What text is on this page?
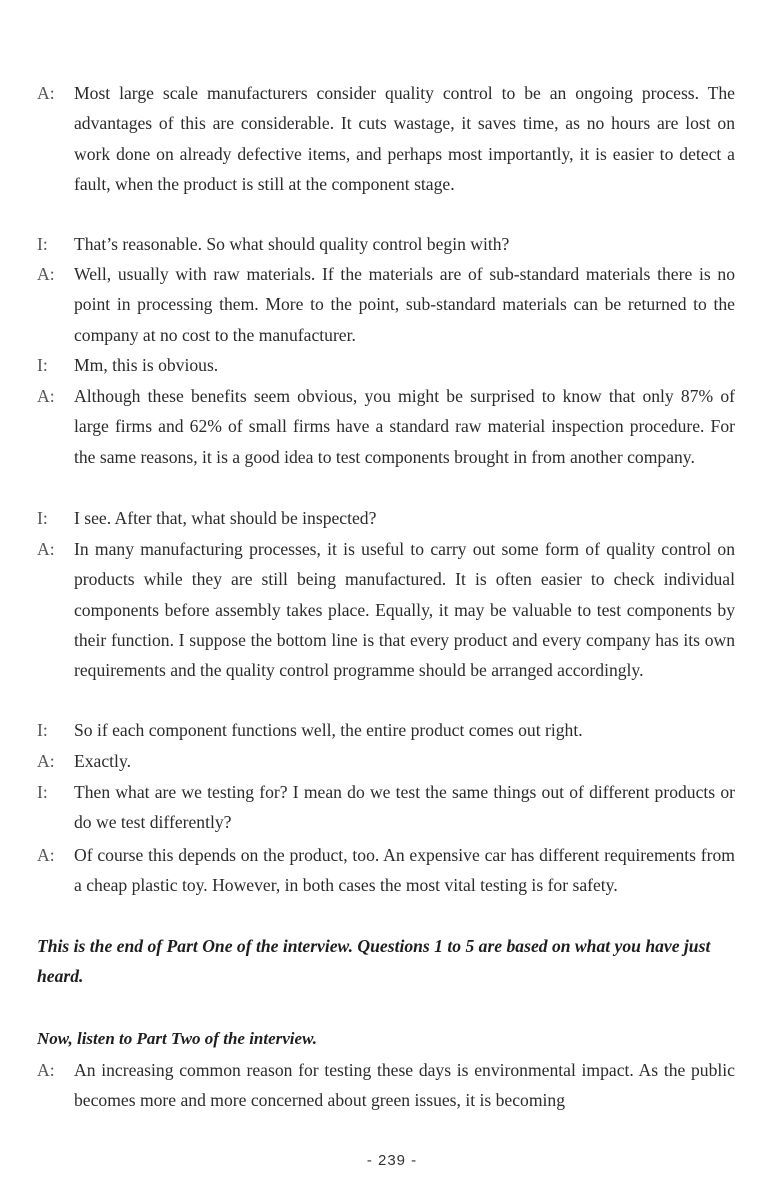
A:	Most large scale manufacturers consider quality control to be an ongoing process. The advantages of this are considerable. It cuts wastage, it saves time, as no hours are lost on work done on already defective items, and perhaps most importantly, it is easier to detect a fault, when the product is still at the component stage.
I:	That’s reasonable. So what should quality control begin with?
A:	Well, usually with raw materials. If the materials are of sub-standard materials there is no point in processing them. More to the point, sub-standard materials can be returned to the company at no cost to the manufacturer.
I:	Mm, this is obvious.
A:	Although these benefits seem obvious, you might be surprised to know that only 87% of large firms and 62% of small firms have a standard raw material inspection procedure. For the same reasons, it is a good idea to test components brought in from another company.
I:	I see. After that, what should be inspected?
A:	In many manufacturing processes, it is useful to carry out some form of quality control on products while they are still being manufactured. It is often easier to check individual components before assembly takes place. Equally, it may be valuable to test components by their function. I suppose the bottom line is that every product and every company has its own requirements and the quality control programme should be arranged accordingly.
I:	So if each component functions well, the entire product comes out right.
A:	Exactly.
I:	Then what are we testing for? I mean do we test the same things out of different products or do we test differently?
A:	Of course this depends on the product, too. An expensive car has different requirements from a cheap plastic toy. However, in both cases the most vital testing is for safety.
This is the end of Part One of the interview. Questions 1 to 5 are based on what you have just heard.
Now, listen to Part Two of the interview.
A:	An increasing common reason for testing these days is environmental impact. As the public becomes more and more concerned about green issues, it is becoming
- 239 -
